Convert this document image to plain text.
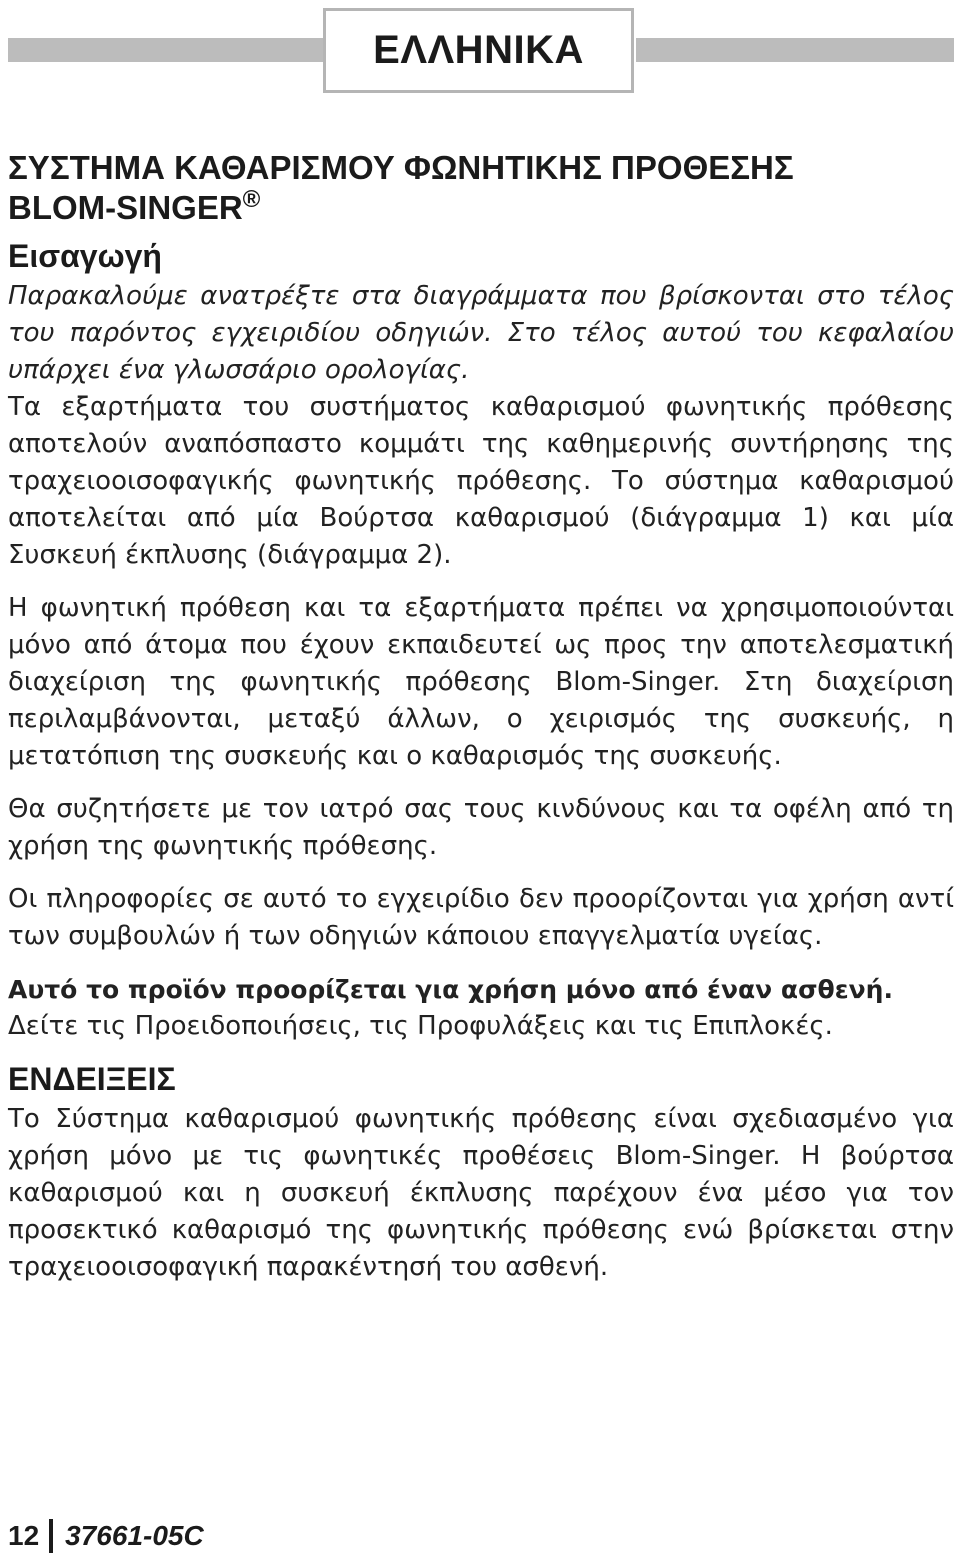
ΕΛΛΗΝΙΚΑ
ΣΥΣΤΗΜΑ ΚΑΘΑΡΙΣΜΟΥ ΦΩΝΗΤΙΚΗΣ ΠΡΟΘΕΣΗΣ
BLOM-SINGER®
Εισαγωγή

Παρακαλούμε ανατρέξτε στα διαγράμματα που βρίσκονται στο τέλος του παρόντος εγχειριδίου οδηγιών. Στο τέλος αυτού του κεφαλαίου υπάρχει ένα γλωσσάριο ορολογίας.

Τα εξαρτήματα του συστήματος καθαρισμού φωνητικής πρόθεσης αποτελούν αναπόσπαστο κομμάτι της καθημερινής συντήρησης της τραχειοοισοφαγικής φωνητικής πρόθεσης. Το σύστημα καθαρισμού αποτελείται από μία Βούρτσα καθαρισμού (διάγραμμα 1) και μία Συσκευή έκπλυσης (διάγραμμα 2).

Η φωνητική πρόθεση και τα εξαρτήματα πρέπει να χρησιμοποιούνται μόνο από άτομα που έχουν εκπαιδευτεί ως προς την αποτελεσματική διαχείριση της φωνητικής πρόθεσης Blom-Singer. Στη διαχείριση περιλαμβάνονται, μεταξύ άλλων, ο χειρισμός της συσκευής, η μετατόπιση της συσκευής και ο καθαρισμός της συσκευής.

Θα συζητήσετε με τον ιατρό σας τους κινδύνους και τα οφέλη από τη χρήση της φωνητικής πρόθεσης.

Οι πληροφορίες σε αυτό το εγχειρίδιο δεν προορίζονται για χρήση αντί των συμβουλών ή των οδηγιών κάποιου επαγγελματία υγείας.

Αυτό το προϊόν προορίζεται για χρήση μόνο από έναν ασθενή.

Δείτε τις Προειδοποιήσεις, τις Προφυλάξεις και τις Επιπλοκές.

ΕΝΔΕΙΞΕΙΣ

Το Σύστημα καθαρισμού φωνητικής πρόθεσης είναι σχεδιασμένο για χρήση μόνο με τις φωνητικές προθέσεις Blom-Singer. Η βούρτσα καθαρισμού και η συσκευή έκπλυσης παρέχουν ένα μέσο για τον προσεκτικό καθαρισμό της φωνητικής πρόθεσης ενώ βρίσκεται στην τραχειοοισοφαγική παρακέντησή του ασθενή.

12 37661-05C
